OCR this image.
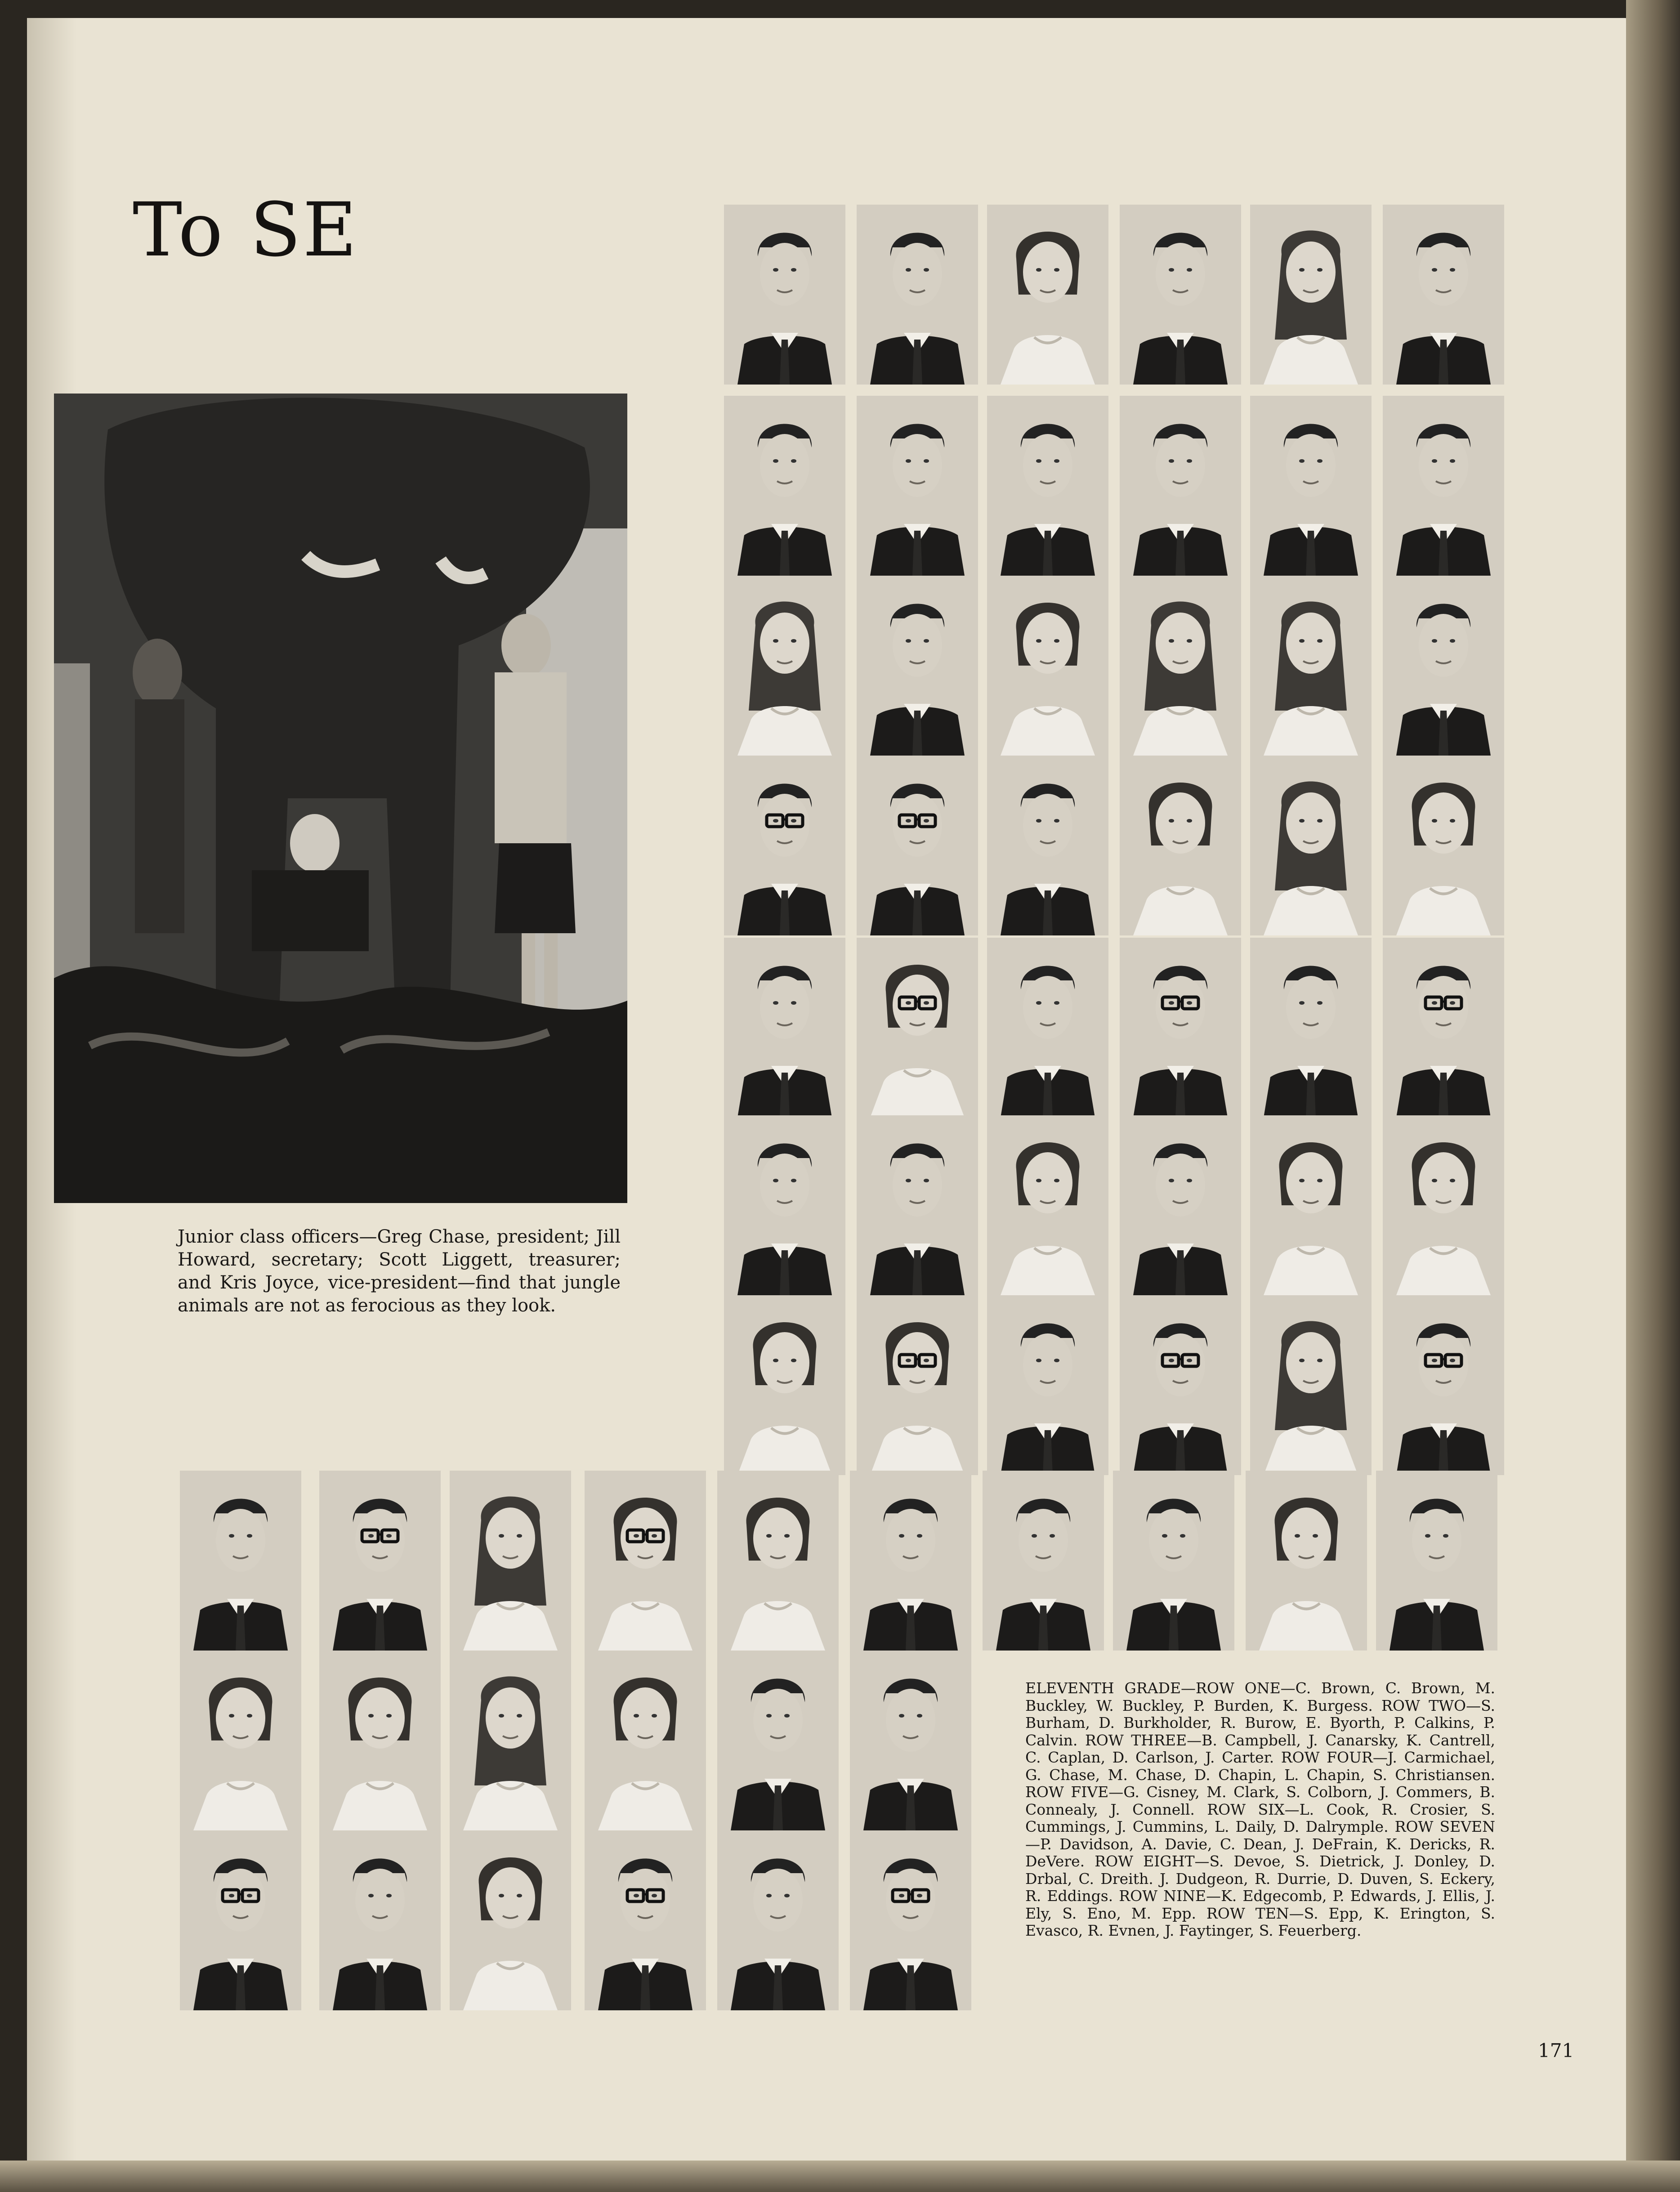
To SE

Junior class officers—Greg Chase, president; Jill Howard, secretary; Scott Liggett, treasurer; and Kris Joyce, vice-president—find that jungle animals are not as ferocious as they look.

ELEVENTH GRADE—ROW ONE—C. Brown, C. Brown, M. Buckley, W. Buckley, P. Burden, K. Burgess. ROW TWO—S. Burham, D. Burkholder, R. Burow, E. Byorth, P. Calkins, P. Calvin. ROW THREE—B. Campbell, J. Canarsky, K. Cantrell, C. Caplan, D. Carlson, J. Carter. ROW FOUR—J. Carmichael, G. Chase, M. Chase, D. Chapin, L. Chapin, S. Christiansen. ROW FIVE—G. Cisney, M. Clark, S. Colborn, J. Commers, B. Connealy, J. Connell. ROW SIX—L. Cook, R. Crosier, S. Cummings, J. Cummins, L. Daily, D. Dalrymple. ROW SEVEN—P. Davidson, A. Davie, C. Dean, J. DeFrain, K. Dericks, R. DeVere. ROW EIGHT—S. Devoe, S. Dietrick, J. Donley, D. Drbal, C. Dreith. J. Dudgeon, R. Durrie, D. Duven, S. Eckery, R. Eddings. ROW NINE—K. Edgecomb, P. Edwards, J. Ellis, J. Ely, S. Eno, M. Epp. ROW TEN—S. Epp, K. Erington, S. Evasco, R. Evnen, J. Faytinger, S. Feuerberg.

171
